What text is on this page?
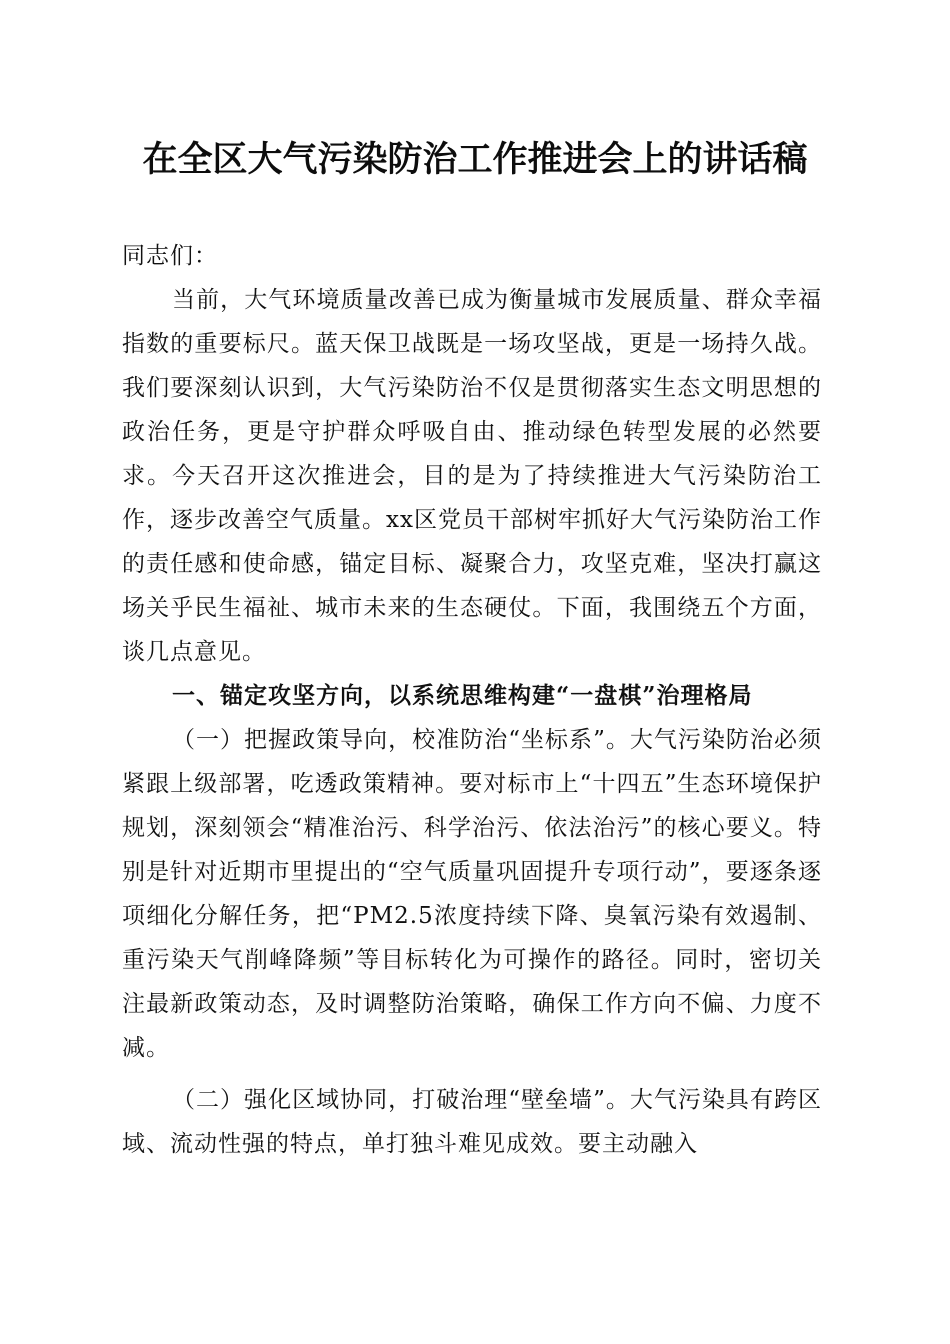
在全区大气污染防治工作推进会上的讲话稿

同志们：

当前，大气环境质量改善已成为衡量城市发展质量、群众幸福指数的重要标尺。蓝天保卫战既是一场攻坚战，更是一场持久战。我们要深刻认识到，大气污染防治不仅是贯彻落实生态文明思想的政治任务，更是守护群众呼吸自由、推动绿色转型发展的必然要求。今天召开这次推进会，目的是为了持续推进大气污染防治工作，逐步改善空气质量。xx区党员干部树牢抓好大气污染防治工作的责任感和使命感，锚定目标、凝聚合力，攻坚克难，坚决打赢这场关乎民生福祉、城市未来的生态硬仗。下面，我围绕五个方面，谈几点意见。

一、锚定攻坚方向，以系统思维构建“一盘棋”治理格局

（一）把握政策导向，校准防治“坐标系”。大气污染防治必须紧跟上级部署，吃透政策精神。要对标市上“十四五”生态环境保护规划，深刻领会“精准治污、科学治污、依法治污”的核心要义。特别是针对近期市里提出的“空气质量巩固提升专项行动”，要逐条逐项细化分解任务，把“PM2.5浓度持续下降、臭氧污染有效遏制、重污染天气削峰降频”等目标转化为可操作的路径。同时，密切关注最新政策动态，及时调整防治策略，确保工作方向不偏、力度不减。

（二）强化区域协同，打破治理“壁垒墙”。大气污染具有跨区域、流动性强的特点，单打独斗难见成效。要主动融入
